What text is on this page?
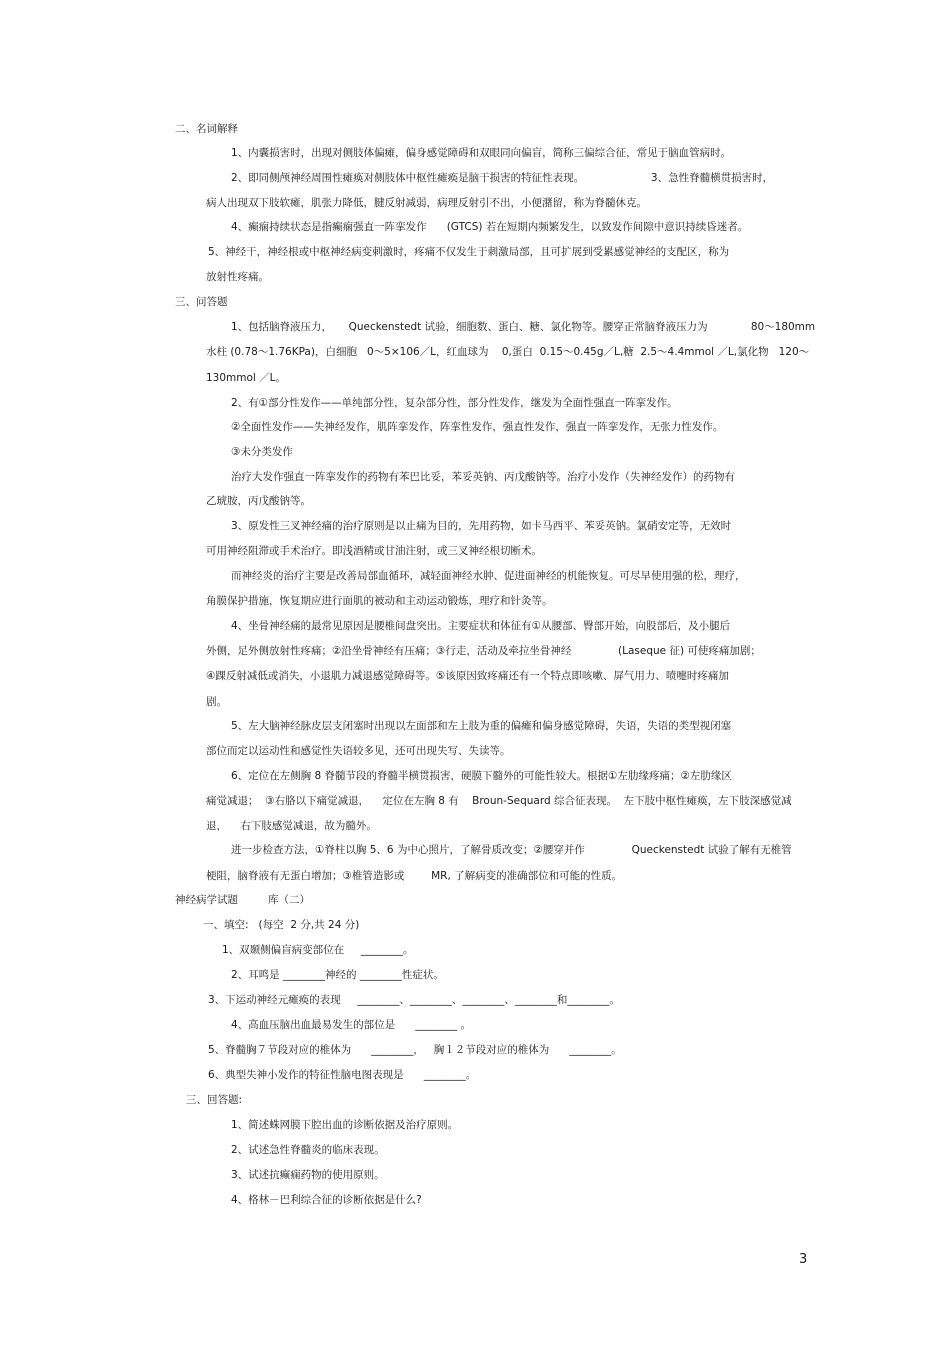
二、名词解释
1、内囊损害时，出现对侧肢体偏瘫，偏身感觉障碍和双眼同向偏盲，简称三偏综合征，常见于脑血管病时。
2、即同侧颅神经周围性瘫痪对侧肢体中枢性瘫痪是脑干损害的特征性表现。                    3、急性脊髓横贯损害时，
病人出现双下肢软瘫，肌张力降低，腱反射减弱，病理反射引不出，小便潴留，称为脊髓休克。
4、癫痫持续状态是指癫痫强直一阵挛发作      (GTCS) 若在短期内频繁发生，以致发作间隙中意识持续昏迷者。
5、神经干，神经根或中枢神经病变刺激时，疼痛不仅发生于刺激局部，且可扩展到受累感觉神经的支配区，称为
放射性疼痛。
三、问答题
1、包括脑脊液压力，     Queckenstedt 试验，细胞数、蛋白、糖、氯化物等。腰穿正常脑脊液压力为             80～180mm
水柱 (0.78～1.76KPa)，白细胞   0～5×106／L，红血球为    0,蛋白  0.15～0.45g／L,糖  2.5～4.4mmol ／L,氯化物   120～
130mmol ／L。
2、有①部分性发作——单纯部分性，复杂部分性，部分性发作，继发为全面性强直一阵挛发作。
②全面性发作——失神经发作，肌阵挛发作，阵挛性发作，强直性发作，强直一阵挛发作，无张力性发作。
③未分类发作
治疗大发作强直一阵挛发作的药物有苯巴比妥，苯妥英钠、丙戊酸钠等。治疗小发作（失神经发作）的药物有
乙琥胺，丙戊酸钠等。
3、原发性三叉神经痛的治疗原则是以止痛为目的，先用药物，如卡马西平、苯妥英钠。氯硝安定等，无效时
可用神经阻滞或手术治疗。即浅酒精或甘油注射，或三叉神经根切断术。
而神经炎的治疗主要是改善局部血循环，减轻面神经水肿、促进面神经的机能恢复。可尽早使用强的松，理疗，
角膜保护措施，恢复期应进行面肌的被动和主动运动锻炼，理疗和针灸等。
4、坐骨神经痛的最常见原因是腰椎间盘突出。主要症状和体征有①从腰部、臀部开始，向股部后，及小腿后
外侧，足外侧放射性疼痛；②沿坐骨神经有压痛；③行走，活动及牵拉坐骨神经              (Laseque 征) 可使疼痛加剧；
④踝反射减低或消失，小退肌力减退感觉障碍等。⑤该原因致疼痛还有一个特点即咳嗽、屏气用力、喷嚏时疼痛加
剧。
5、左大脑神经脉皮层支闭塞时出现以左面部和左上肢为重的偏瘫和偏身感觉障碍，失语，失语的类型视闭塞
部位而定以运动性和感觉性失语较多见，还可出现失写、失读等。
6、定位在左侧胸 8 脊髓节段的脊髓半横贯损害，硬膜下髓外的可能性较大。根据①左肋缘疼痛；②左肋缘区
痛觉减退；  ③右胳以下痛觉减退，    定位在左胸 8 有    Broun-Sequard 综合征表现。  左下肢中枢性瘫痪，左下肢深感觉减
退，    右下肢感觉减退，故为髓外。
进一步检查方法，①脊柱以胸 5、6 为中心照片，了解骨质改变；②腰穿并作              Queckenstedt 试验了解有无椎管
梗阻，脑脊液有无蛋白增加；③椎管造影或        MR, 了解病变的准确部位和可能的性质。
神经病学试题         库（二）
一、填空:   (每空  2 分,共 24 分)
1、双颞侧偏盲病变部位在     ________。
2、耳鸣是 ________神经的 ________性症状。
3、下运动神经元瘫痪的表现     ________、________、________、________和________。
4、高血压脑出血最易发生的部位是      ________ 。
5、脊髓胸７节段对应的椎体为      ________，   胸１２节段对应的椎体为      ________。
6、典型失神小发作的特征性脑电图表现是      ________。
三、回答题:
1、简述蛛网膜下腔出血的诊断依据及治疗原则。
2、试述急性脊髓炎的临床表现。
3、试述抗癫痫药物的使用原则。
4、格林－巴利综合征的诊断依据是什么?
3
